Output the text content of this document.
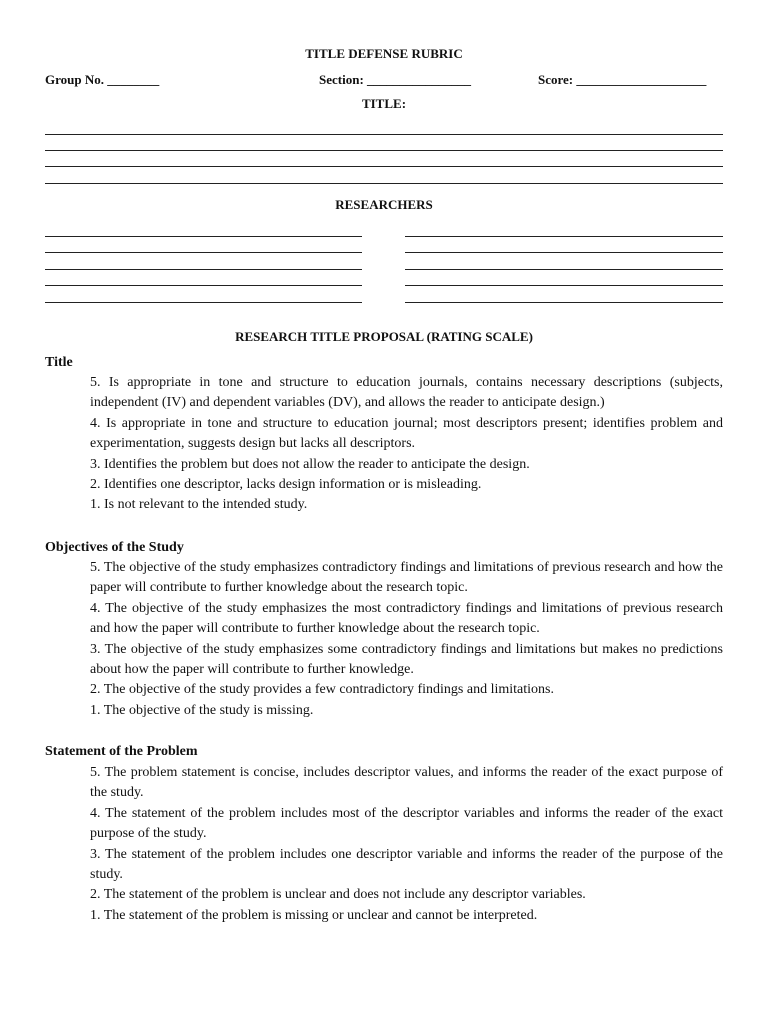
TITLE DEFENSE RUBRIC
Group No. ________	Section: ________________	Score: ____________________
TITLE:
RESEARCHERS
RESEARCH TITLE PROPOSAL (RATING SCALE)
Title

5. Is appropriate in tone and structure to education journals, contains necessary descriptions (subjects, independent (IV) and dependent variables (DV), and allows the reader to anticipate design.)

4. Is appropriate in tone and structure to education journal; most descriptors present; identifies problem and experimentation, suggests design but lacks all descriptors.

3. Identifies the problem but does not allow the reader to anticipate the design.

2. Identifies one descriptor, lacks design information or is misleading.

1. Is not relevant to the intended study.

Objectives of the Study

5. The objective of the study emphasizes contradictory findings and limitations of previous research and how the paper will contribute to further knowledge about the research topic.

4. The objective of the study emphasizes the most contradictory findings and limitations of previous research and how the paper will contribute to further knowledge about the research topic.

3. The objective of the study emphasizes some contradictory findings and limitations but makes no predictions about how the paper will contribute to further knowledge.

2. The objective of the study provides a few contradictory findings and limitations.

1. The objective of the study is missing.

Statement of the Problem

5. The problem statement is concise, includes descriptor values, and informs the reader of the exact purpose of the study.

4. The statement of the problem includes most of the descriptor variables and informs the reader of the exact purpose of the study.

3. The statement of the problem includes one descriptor variable and informs the reader of the purpose of the study.

2. The statement of the problem is unclear and does not include any descriptor variables.

1. The statement of the problem is missing or unclear and cannot be interpreted.
